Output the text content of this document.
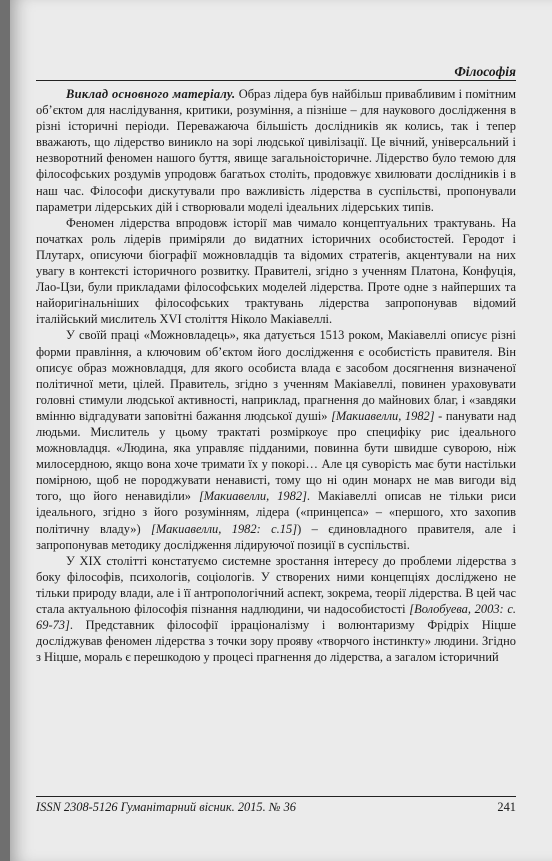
Філософія

Виклад основного матеріалу. Образ лідера був найбільш привабливим і помітним об’єктом для наслідування, критики, розуміння, а пізніше – для наукового дослідження в різні історичні періоди. Переважаюча більшість дослідників як колись, так і тепер вважають, що лідерство виникло на зорі людської цивілізації. Це вічний, універсальний і незворотний феномен нашого буття, явище загальноісторичне. Лідерство було темою для філософських роздумів упродовж багатьох століть, продовжує хвилювати дослідників і в наш час. Філософи дискутували про важливість лідерства в суспільстві, пропонували параметри лідерських дій і створювали моделі ідеальних лідерських типів.

Феномен лідерства впродовж історії мав чимало концептуальних трактувань. На початках роль лідерів приміряли до видатних історичних особистостей. Геродот і Плутарх, описуючи біографії можновладців та відомих стратегів, акцентували на них увагу в контексті історичного розвитку. Правителі, згідно з ученням Платона, Конфуція, Лао-Цзи, були прикладами філософських моделей лідерства. Проте одне з найперших та найоригінальніших філософських трактувань лідерства запропонував відомий італійський мислитель XVI століття Ніколо Макіавеллі.

У своїй праці «Можновладець», яка датується 1513 роком, Макіавеллі описує різні форми правління, а ключовим об’єктом його дослідження є особистість правителя. Він описує образ можновладця, для якого особиста влада є засобом досягнення визначеної політичної мети, цілей. Правитель, згідно з ученням Макіавеллі, повинен ураховувати головні стимули людської активності, наприклад, прагнення до майнових благ, і «завдяки вмінню відгадувати заповітні бажання людської душі» [Макиавелли, 1982] - панувати над людьми. Мислитель у цьому трактаті розміркоує про специфіку рис ідеального можновладця. «Людина, яка управляє підданими, повинна бути швидше суворою, ніж милосердною, якщо вона хоче тримати їх у покорі… Але ця суворість має бути настільки помірною, щоб не породжувати ненависті, тому що ні один монарх не мав вигоди від того, що його ненавиділи» [Макиавелли, 1982]. Макіавеллі описав не тільки риси ідеального, згідно з його розумінням, лідера («принцепса» – «першого, хто захопив політичну владу») [Макиавелли, 1982: с.15]) – єдиновладного правителя, але і запропонував методику дослідження лідируючої позиції в суспільстві.

У XIX столітті констатуємо системне зростання інтересу до проблеми лідерства з боку філософів, психологів, соціологів. У створених ними концепціях досліджено не тільки природу влади, але і її антропологічний аспект, зокрема, теорії лідерства. В цей час стала актуальною філософія пізнання надлюдини, чи надособистості [Волобуева, 2003: с. 69-73]. Представник філософії ірраціоналізму і волюнтаризму Фрідріх Ніцше досліджував феномен лідерства з точки зору прояву «творчого інстинкту» людини. Згідно з Ніцше, мораль є перешкодою у процесі прагнення до лідерства, а загалом історичний

ISSN 2308-5126 Гуманітарний вісник. 2015. № 36	241
